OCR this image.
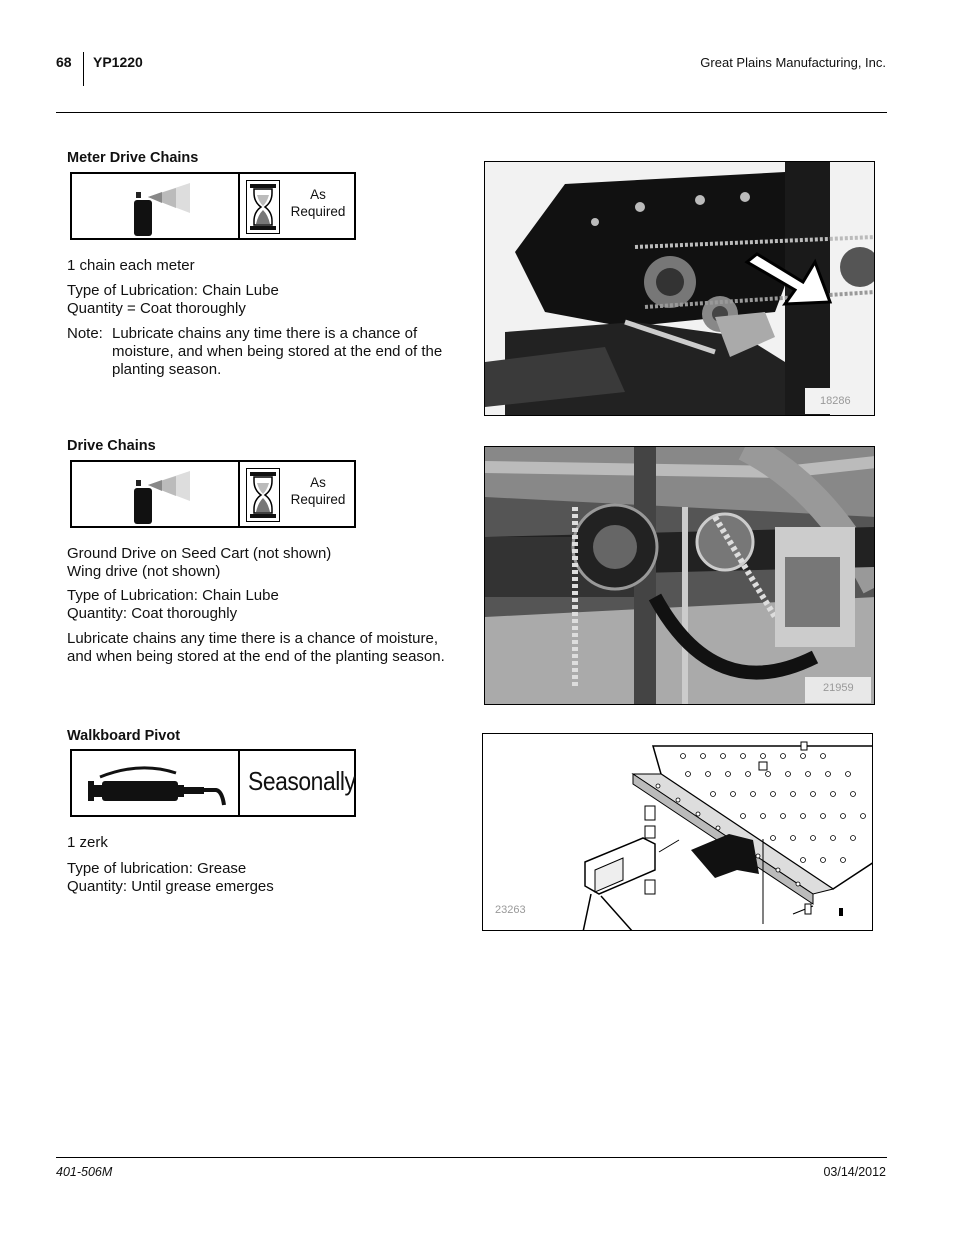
68 YP1220	Great Plains Manufacturing, Inc.
Meter Drive Chains
As
Required
1 chain each meter
Type of Lubrication: Chain Lube
Quantity = Coat thoroughly
Note: Lubricate chains any time there is a chance of moisture, and when being stored at the end of the planting season.
18286
Drive Chains
As
Required
Ground Drive on Seed Cart (not shown)
Wing drive (not shown)
Type of Lubrication: Chain Lube
Quantity: Coat thoroughly
Lubricate chains any time there is a chance of moisture, and when being stored at the end of the planting season.
21959
Walkboard Pivot
Seasonally
1 zerk
Type of lubrication: Grease
Quantity: Until grease emerges
23263
401-506M	03/14/2012
